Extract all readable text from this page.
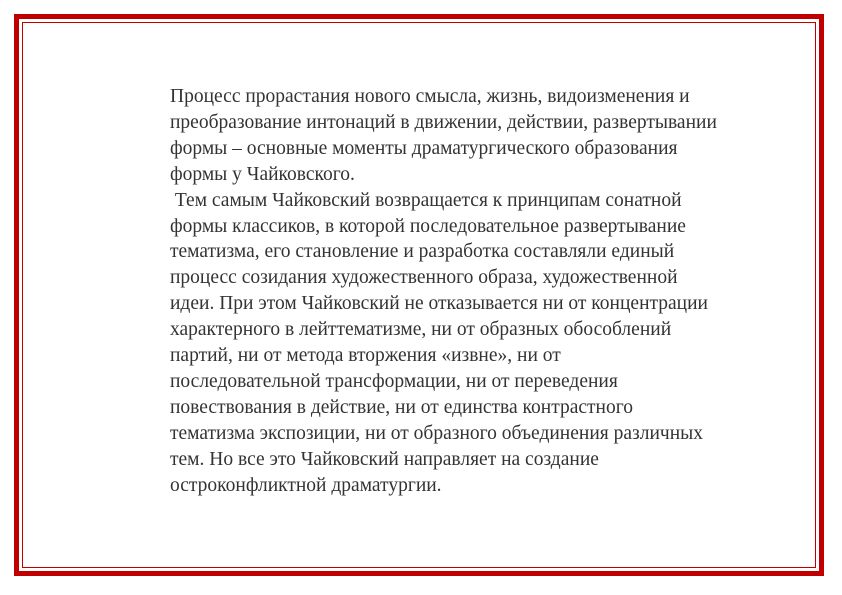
Процесс прорастания нового смысла, жизнь, видоизменения и
преобразование интонаций в движении, действии, развертывании
формы – основные моменты драматургического образования
формы у Чайковского.
Тем самым Чайковский возвращается к принципам сонатной
формы классиков, в которой последовательное развертывание
тематизма, его становление и разработка составляли единый
процесс созидания художественного образа, художественной
идеи. При этом Чайковский не отказывается ни от концентрации
характерного в лейттематизме, ни от образных обособлений
партий, ни от метода вторжения «извне», ни от
последовательной трансформации, ни от переведения
повествования в действие, ни от единства контрастного
тематизма экспозиции, ни от образного объединения различных
тем. Но все это Чайковский направляет на создание
остроконфликтной драматургии.
